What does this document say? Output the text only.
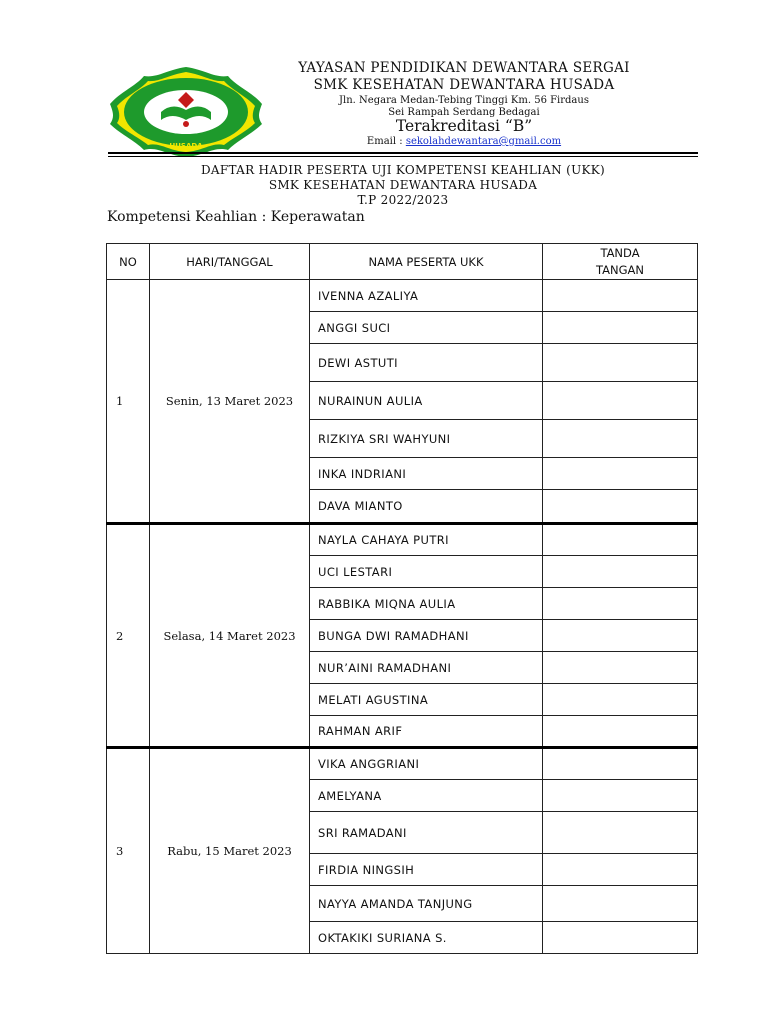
HUSADA
YAYASAN PENDIDIKAN DEWANTARA SERGAI
SMK KESEHATAN DEWANTARA HUSADA
Jln. Negara Medan-Tebing Tinggi Km. 56 Firdaus
Sei Rampah Serdang Bedagai
Terakreditasi “B”
Email : sekolahdewantara@gmail.com
DAFTAR HADIR PESERTA UJI KOMPETENSI KEAHLIAN (UKK)
SMK KESEHATAN DEWANTARA HUSADA
T.P 2022/2023
Kompetensi Keahlian : Keperawatan
NO	HARI/TANGGAL	NAMA PESERTA UKK	TANDA
TANGAN
1	Senin, 13 Maret 2023	IVENNA AZALIYA	
		ANGGI SUCI	
		DEWI ASTUTI	
		NURAINUN AULIA	
		RIZKIYA SRI WAHYUNI	
		INKA INDRIANI	
		DAVA MIANTO	
2	Selasa, 14 Maret 2023	NAYLA CAHAYA PUTRI	
		UCI LESTARI	
		RABBIKA MIQNA AULIA	
		BUNGA DWI RAMADHANI	
		NUR’AINI RAMADHANI	
		MELATI AGUSTINA	
		RAHMAN ARIF	
3	Rabu, 15 Maret 2023	VIKA ANGGRIANI	
		AMELYANA	
		SRI RAMADANI	
		FIRDIA NINGSIH	
		NAYYA AMANDA TANJUNG	
		OKTAKIKI SURIANA S.	
